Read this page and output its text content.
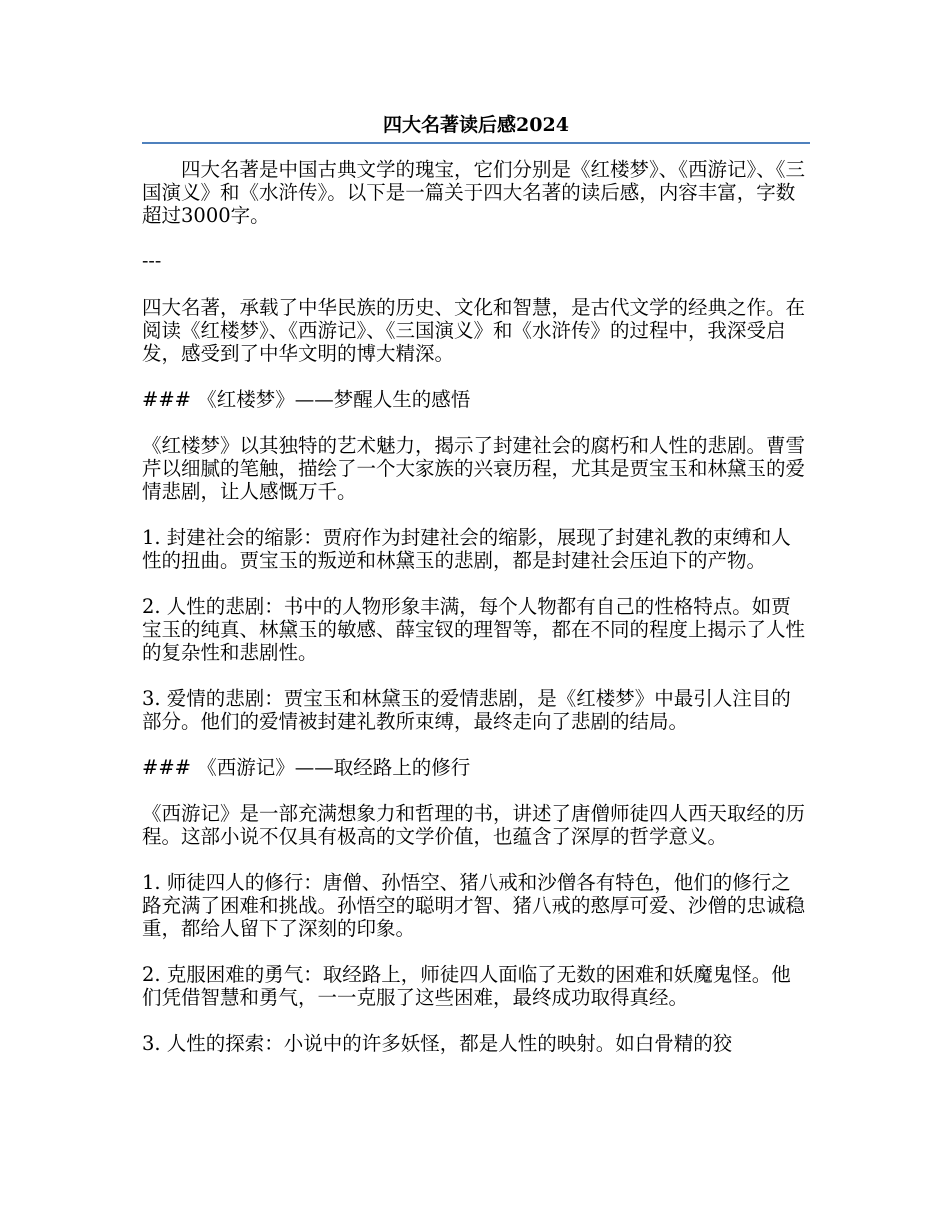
四大名著读后感2024

四大名著是中国古典文学的瑰宝，它们分别是《红楼梦》、《西游记》、《三国演义》和《水浒传》。以下是一篇关于四大名著的读后感，内容丰富，字数超过3000字。

---

四大名著，承载了中华民族的历史、文化和智慧，是古代文学的经典之作。在阅读《红楼梦》、《西游记》、《三国演义》和《水浒传》的过程中，我深受启发，感受到了中华文明的博大精深。

### 《红楼梦》——梦醒人生的感悟

《红楼梦》以其独特的艺术魅力，揭示了封建社会的腐朽和人性的悲剧。曹雪芹以细腻的笔触，描绘了一个大家族的兴衰历程，尤其是贾宝玉和林黛玉的爱情悲剧，让人感慨万千。

1. 封建社会的缩影：贾府作为封建社会的缩影，展现了封建礼教的束缚和人性的扭曲。贾宝玉的叛逆和林黛玉的悲剧，都是封建社会压迫下的产物。

2. 人性的悲剧：书中的人物形象丰满，每个人物都有自己的性格特点。如贾宝玉的纯真、林黛玉的敏感、薛宝钗的理智等，都在不同的程度上揭示了人性的复杂性和悲剧性。

3. 爱情的悲剧：贾宝玉和林黛玉的爱情悲剧，是《红楼梦》中最引人注目的部分。他们的爱情被封建礼教所束缚，最终走向了悲剧的结局。

### 《西游记》——取经路上的修行

《西游记》是一部充满想象力和哲理的书，讲述了唐僧师徒四人西天取经的历程。这部小说不仅具有极高的文学价值，也蕴含了深厚的哲学意义。

1. 师徒四人的修行：唐僧、孙悟空、猪八戒和沙僧各有特色，他们的修行之路充满了困难和挑战。孙悟空的聪明才智、猪八戒的憨厚可爱、沙僧的忠诚稳重，都给人留下了深刻的印象。

2. 克服困难的勇气：取经路上，师徒四人面临了无数的困难和妖魔鬼怪。他们凭借智慧和勇气，一一克服了这些困难，最终成功取得真经。

3. 人性的探索：小说中的许多妖怪，都是人性的映射。如白骨精的狡
